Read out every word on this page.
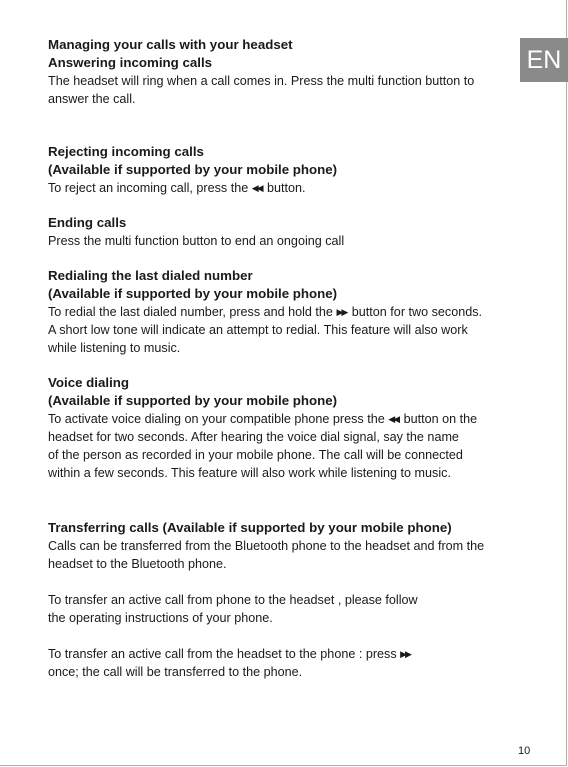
EN
Managing your calls with your headset
Answering incoming calls
The headset will ring when a call comes in. Press the multi function button to
answer the call.
Rejecting incoming calls
(Available if supported by your mobile phone)
To reject an incoming call, press the ◀◀ button.
Ending calls
Press the multi function button to end an ongoing call
Redialing the last dialed number
(Available if supported by your mobile phone)
To redial the last dialed number, press and hold the ▶▶ button for two seconds.
A short low tone will indicate an attempt to redial. This feature will also work
while listening to music.
Voice dialing
(Available if supported by your mobile phone)
To activate voice dialing on your compatible phone press the ◀◀ button on the
headset for two seconds. After hearing the voice dial signal, say the name
of the person as recorded in your mobile phone. The call will be connected
within a few seconds. This feature will also work while listening to music.
Transferring calls (Available if supported by your mobile phone)
Calls can be transferred from the Bluetooth phone to the headset and from the
headset to the Bluetooth phone.
To transfer an active call from phone to the headset , please follow
the operating instructions of your phone.
To transfer an active call from the headset to the phone : press ▶▶
once; the call will be transferred to the phone.
10
